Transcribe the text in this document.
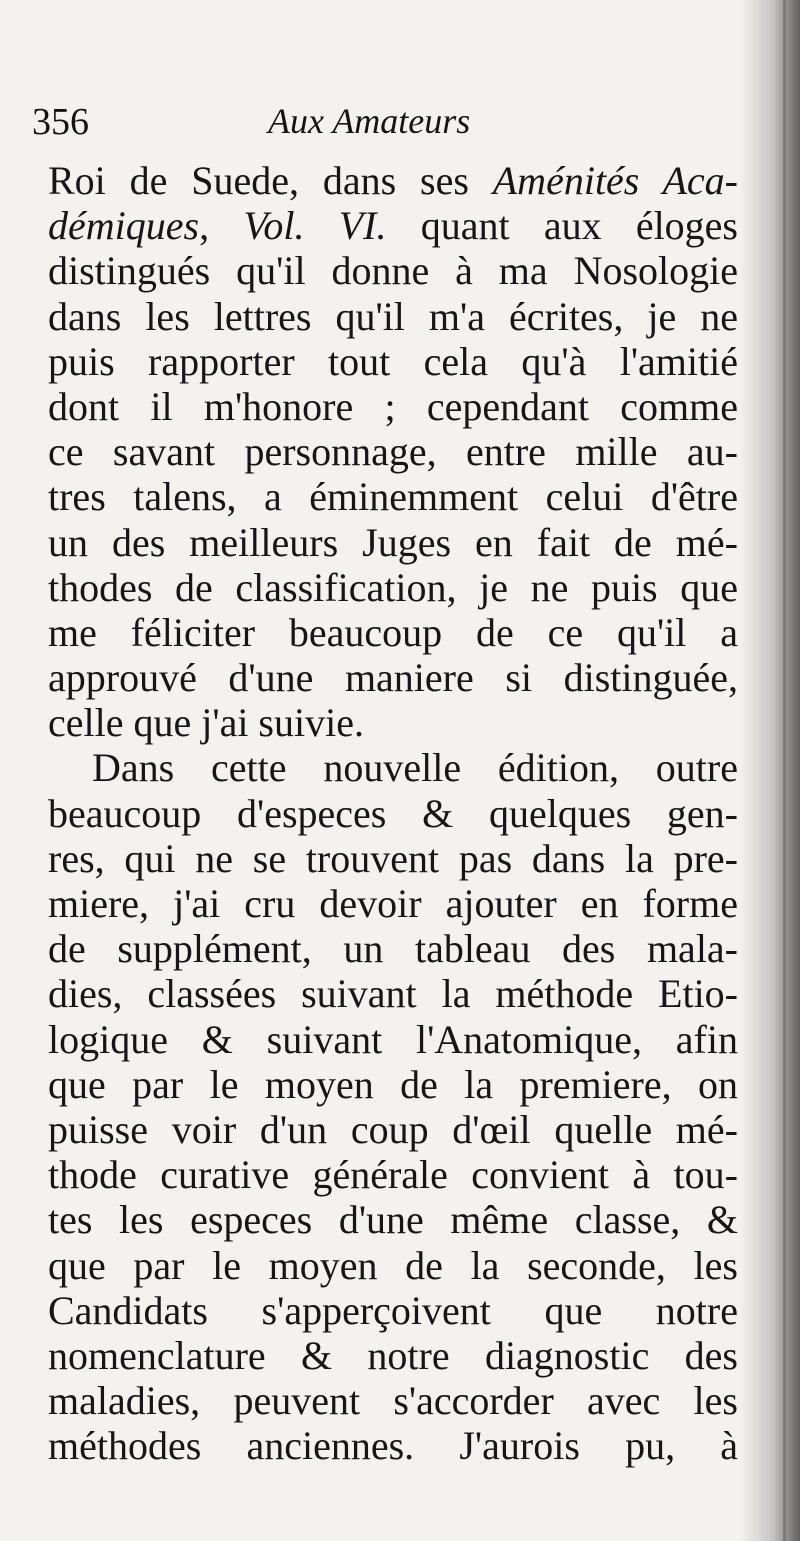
356	Aux Amateurs
Roi de Suede, dans ses Aménités Aca-
démiques, Vol. VI. quant aux éloges
distingués qu'il donne à ma Nosologie
dans les lettres qu'il m'a écrites, je ne
puis rapporter tout cela qu'à l'amitié
dont il m'honore ; cependant comme
ce savant personnage, entre mille au-
tres talens, a éminemment celui d'être
un des meilleurs Juges en fait de mé-
thodes de classification, je ne puis que
me féliciter beaucoup de ce qu'il a
approuvé d'une maniere si distinguée,
celle que j'ai suivie.
Dans cette nouvelle édition, outre
beaucoup d'especes & quelques gen-
res, qui ne se trouvent pas dans la pre-
miere, j'ai cru devoir ajouter en forme
de supplément, un tableau des mala-
dies, classées suivant la méthode Etio-
logique & suivant l'Anatomique, afin
que par le moyen de la premiere, on
puisse voir d'un coup d'œil quelle mé-
thode curative générale convient à tou-
tes les especes d'une même classe, &
que par le moyen de la seconde, les
Candidats s'apperçoivent que notre
nomenclature & notre diagnostic des
maladies, peuvent s'accorder avec les
méthodes anciennes. J'aurois pu, à
